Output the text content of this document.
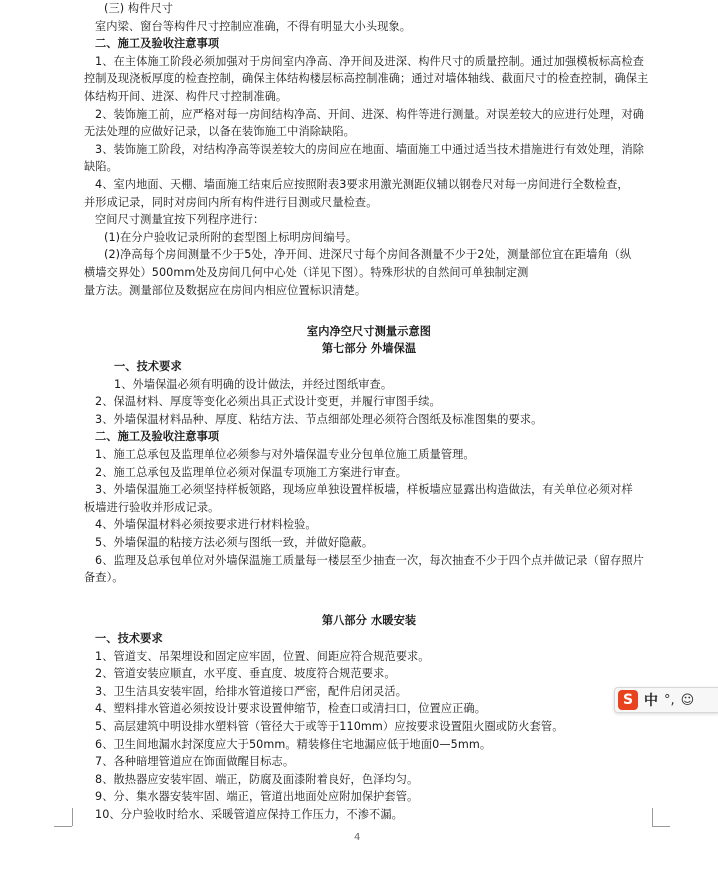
(三) 构件尺寸
室内梁、窗台等构件尺寸控制应准确，不得有明显大小头现象。
二、施工及验收注意事项
1、在主体施工阶段必须加强对于房间室内净高、净开间及进深、构件尺寸的质量控制。通过加强模板标高检查
控制及现浇板厚度的检查控制，确保主体结构楼层标高控制准确；通过对墙体轴线、截面尺寸的检查控制，确保主
体结构开间、进深、构件尺寸控制准确。
2、装饰施工前，应严格对每一房间结构净高、开间、进深、构件等进行测量。对误差较大的应进行处理，对确
无法处理的应做好记录，以备在装饰施工中消除缺陷。
3、装饰施工阶段，对结构净高等误差较大的房间应在地面、墙面施工中通过适当技术措施进行有效处理，消除
缺陷。
4、室内地面、天棚、墙面施工结束后应按照附表3要求用激光测距仪辅以钢卷尺对每一房间进行全数检查，
并形成记录，同时对房间内所有构件进行目测或尺量检查。
空间尺寸测量宜按下列程序进行：
(1)在分户验收记录所附的套型图上标明房间编号。
(2)净高每个房间测量不少于5处，净开间、进深尺寸每个房间各测量不少于2处，测量部位宜在距墙角（纵
横墙交界处）500mm处及房间几何中心处（详见下图）。特殊形状的自然间可单独制定测
量方法。测量部位及数据应在房间内相应位置标识清楚。
室内净空尺寸测量示意图
第七部分 外墙保温
一、技术要求
1、外墙保温必须有明确的设计做法，并经过图纸审查。
2、保温材料、厚度等变化必须出具正式设计变更，并履行审图手续。
3、外墙保温材料品种、厚度、粘结方法、节点细部处理必须符合图纸及标准图集的要求。
二、施工及验收注意事项
1、施工总承包及监理单位必须参与对外墙保温专业分包单位施工质量管理。
2、施工总承包及监理单位必须对保温专项施工方案进行审查。
3、外墙保温施工必须坚持样板领路，现场应单独设置样板墙，样板墙应显露出构造做法，有关单位必须对样
板墙进行验收并形成记录。
4、外墙保温材料必须按要求进行材料检验。
5、外墙保温的粘接方法必须与图纸一致，并做好隐蔽。
6、监理及总承包单位对外墙保温施工质量每一楼层至少抽查一次，每次抽查不少于四个点并做记录（留存照片
备查）。
第八部分 水暖安装
一、技术要求
1、管道支、吊架埋设和固定应牢固，位置、间距应符合规范要求。
2、管道安装应顺直，水平度、垂直度、坡度符合规范要求。
3、卫生洁具安装牢固，给排水管道接口严密，配件启闭灵活。
4、塑料排水管道必须按设计要求设置伸缩节，检查口或清扫口，位置应正确。
5、高层建筑中明设排水塑料管（管径大于或等于110mm）应按要求设置阻火圈或防火套管。
6、卫生间地漏水封深度应大于50mm。精装修住宅地漏应低于地面0—5mm。
7、各种暗埋管道应在饰面做醒目标志。
8、散热器应安装牢固、端正，防腐及面漆附着良好，色泽均匀。
9、分、集水器安装牢固、端正，管道出地面处应附加保护套管。
10、分户验收时给水、采暖管道应保持工作压力，不渗不漏。
4
S 中 °, ☺
